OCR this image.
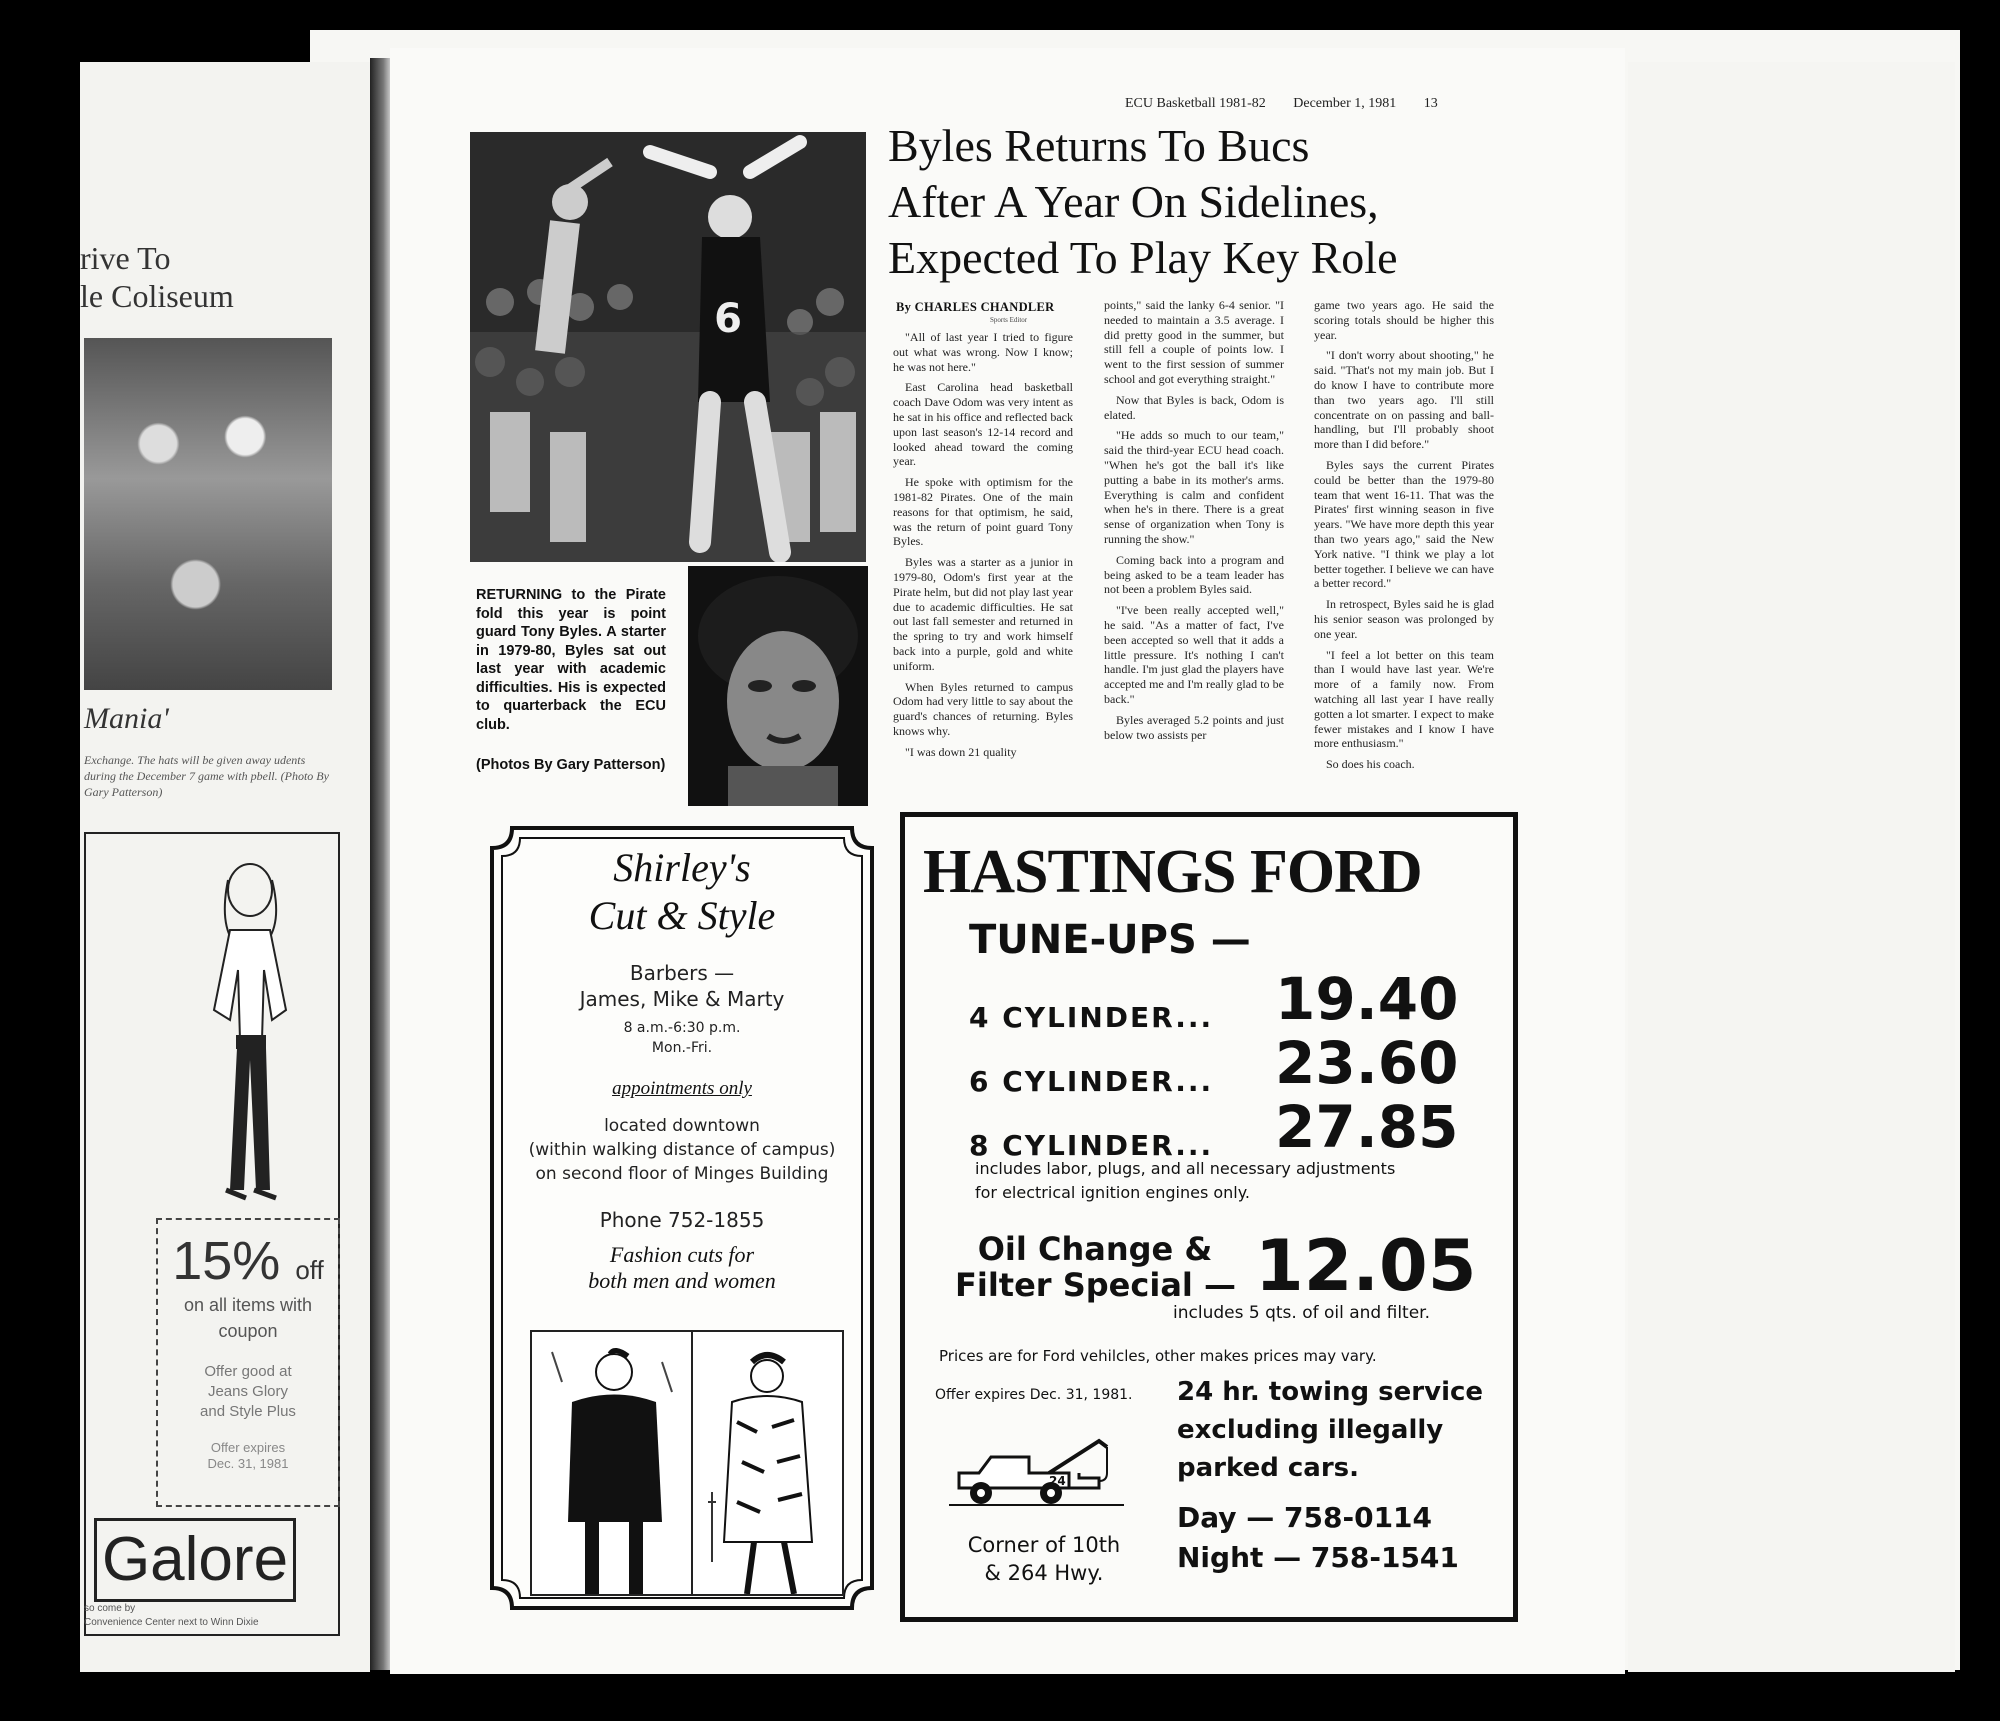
rive To
le Coliseum
Mania'
Exchange. The hats will be given away udents during the December 7 game with pbell. (Photo By Gary Patterson)
15% off
on all items with
coupon
Offer good at
Jeans Glory
and Style Plus
Offer expires
Dec. 31, 1981
Galore
so come by
Convenience Center next to Winn Dixie
ECU Basketball 1981-82 December 1, 1981 13
6
RETURNING to the Pirate fold this year is point guard Tony Byles. A starter in 1979-80, Byles sat out last year with academic difficulties. His is expected to quarterback the ECU club.
(Photos By Gary Patterson)
Byles Returns To Bucs
After A Year On Sidelines,
Expected To Play Key Role
By CHARLES CHANDLER
Sports Editor

"All of last year I tried to figure out what was wrong. Now I know; he was not here."

East Carolina head basketball coach Dave Odom was very intent as he sat in his office and reflected back upon last season's 12-14 record and looked ahead toward the coming year.

He spoke with optimism for the 1981-82 Pirates. One of the main reasons for that optimism, he said, was the return of point guard Tony Byles.

Byles was a starter as a junior in 1979-80, Odom's first year at the Pirate helm, but did not play last year due to academic difficulties. He sat out last fall semester and returned in the spring to try and work himself back into a purple, gold and white uniform.

When Byles returned to campus Odom had very little to say about the guard's chances of returning. Byles knows why.

"I was down 21 quality

points," said the lanky 6-4 senior. "I needed to maintain a 3.5 average. I did pretty good in the summer, but still fell a couple of points low. I went to the first session of summer school and got everything straight."

Now that Byles is back, Odom is elated.

"He adds so much to our team," said the third-year ECU head coach. "When he's got the ball it's like putting a babe in its mother's arms. Everything is calm and confident when he's in there. There is a great sense of organization when Tony is running the show."

Coming back into a program and being asked to be a team leader has not been a problem Byles said.

"I've been really accepted well," he said. "As a matter of fact, I've been accepted so well that it adds a little pressure. It's nothing I can't handle. I'm just glad the players have accepted me and I'm really glad to be back."

Byles averaged 5.2 points and just below two assists per

game two years ago. He said the scoring totals should be higher this year.

"I don't worry about shooting," he said. "That's not my main job. But I do know I have to contribute more than two years ago. I'll still concentrate on on passing and ball-handling, but I'll probably shoot more than I did before."

Byles says the current Pirates could be better than the 1979-80 team that went 16-11. That was the Pirates' first winning season in five years. "We have more depth this year than two years ago," said the New York native. "I think we play a lot better together. I believe we can have a better record."

In retrospect, Byles said he is glad his senior season was prolonged by one year.

"I feel a lot better on this team than I would have last year. We're more of a family now. From watching all last year I have really gotten a lot smarter. I expect to make fewer mistakes and I know I have more enthusiasm."

So does his coach.

Shirley's
Cut & Style
Barbers —
James, Mike & Marty
8 a.m.-6:30 p.m.
Mon.-Fri.
appointments only
located downtown
(within walking distance of campus)
on second floor of Minges Building
Phone 752-1855
Fashion cuts for
both men and women
HASTINGS FORD
TUNE-UPS —
4 CYLINDER... 19.40
6 CYLINDER... 23.60
8 CYLINDER... 27.85
includes labor, plugs, and all necessary adjustments
for electrical ignition engines only.
Oil Change &
Filter Special — 12.05
includes 5 qts. of oil and filter.
Prices are for Ford vehilcles, other makes prices may vary.
Offer expires Dec. 31, 1981. 24 hr. towing service
excluding illegally
parked cars.
Day — 758-0114
Night — 758-1541
24
Corner of 10th
& 264 Hwy.
